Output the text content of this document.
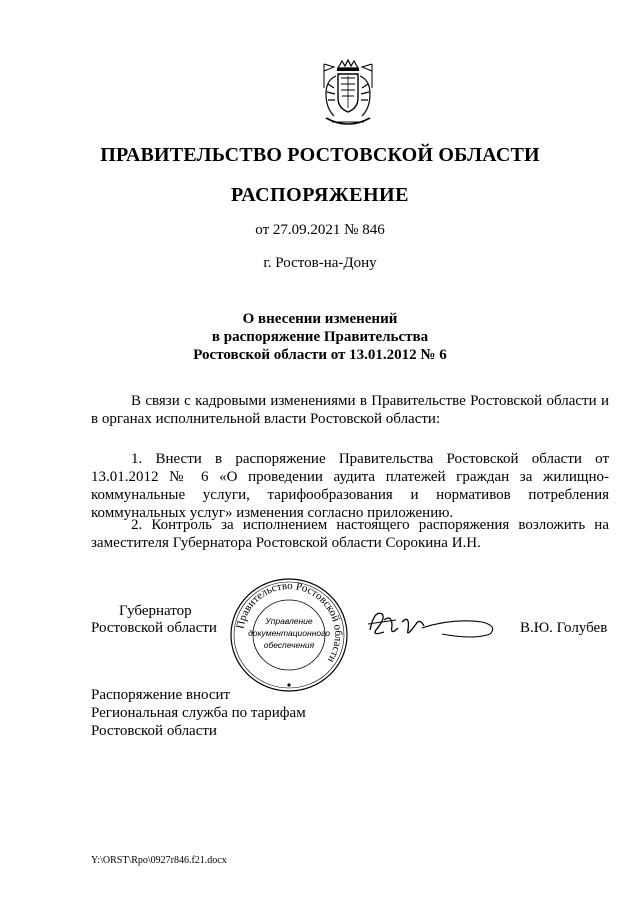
ПРАВИТЕЛЬСТВО РОСТОВСКОЙ ОБЛАСТИ
РАСПОРЯЖЕНИЕ
от 27.09.2021 № 846
г. Ростов-на-Дону
О внесении изменений
в распоряжение Правительства
Ростовской области от 13.01.2012 № 6
В связи с кадровыми изменениями в Правительстве Ростовской области и в органах исполнительной власти Ростовской области:
1. Внести в распоряжение Правительства Ростовской области от 13.01.2012 № 6 «О проведении аудита платежей граждан за жилищно-коммунальные услуги, тарифообразования и нормативов потребления коммунальных услуг» изменения согласно приложению.
2. Контроль за исполнением настоящего распоряжения возложить на заместителя Губернатора Ростовской области Сорокина И.Н.
Губернатор
Ростовской области Правительство Ростовской области
Управление
документационного
обеспечения
В.Ю. Голубев
Распоряжение вносит
Региональная служба по тарифам
Ростовской области
Y:\ORST\Rpo\0927r846.f21.docx
